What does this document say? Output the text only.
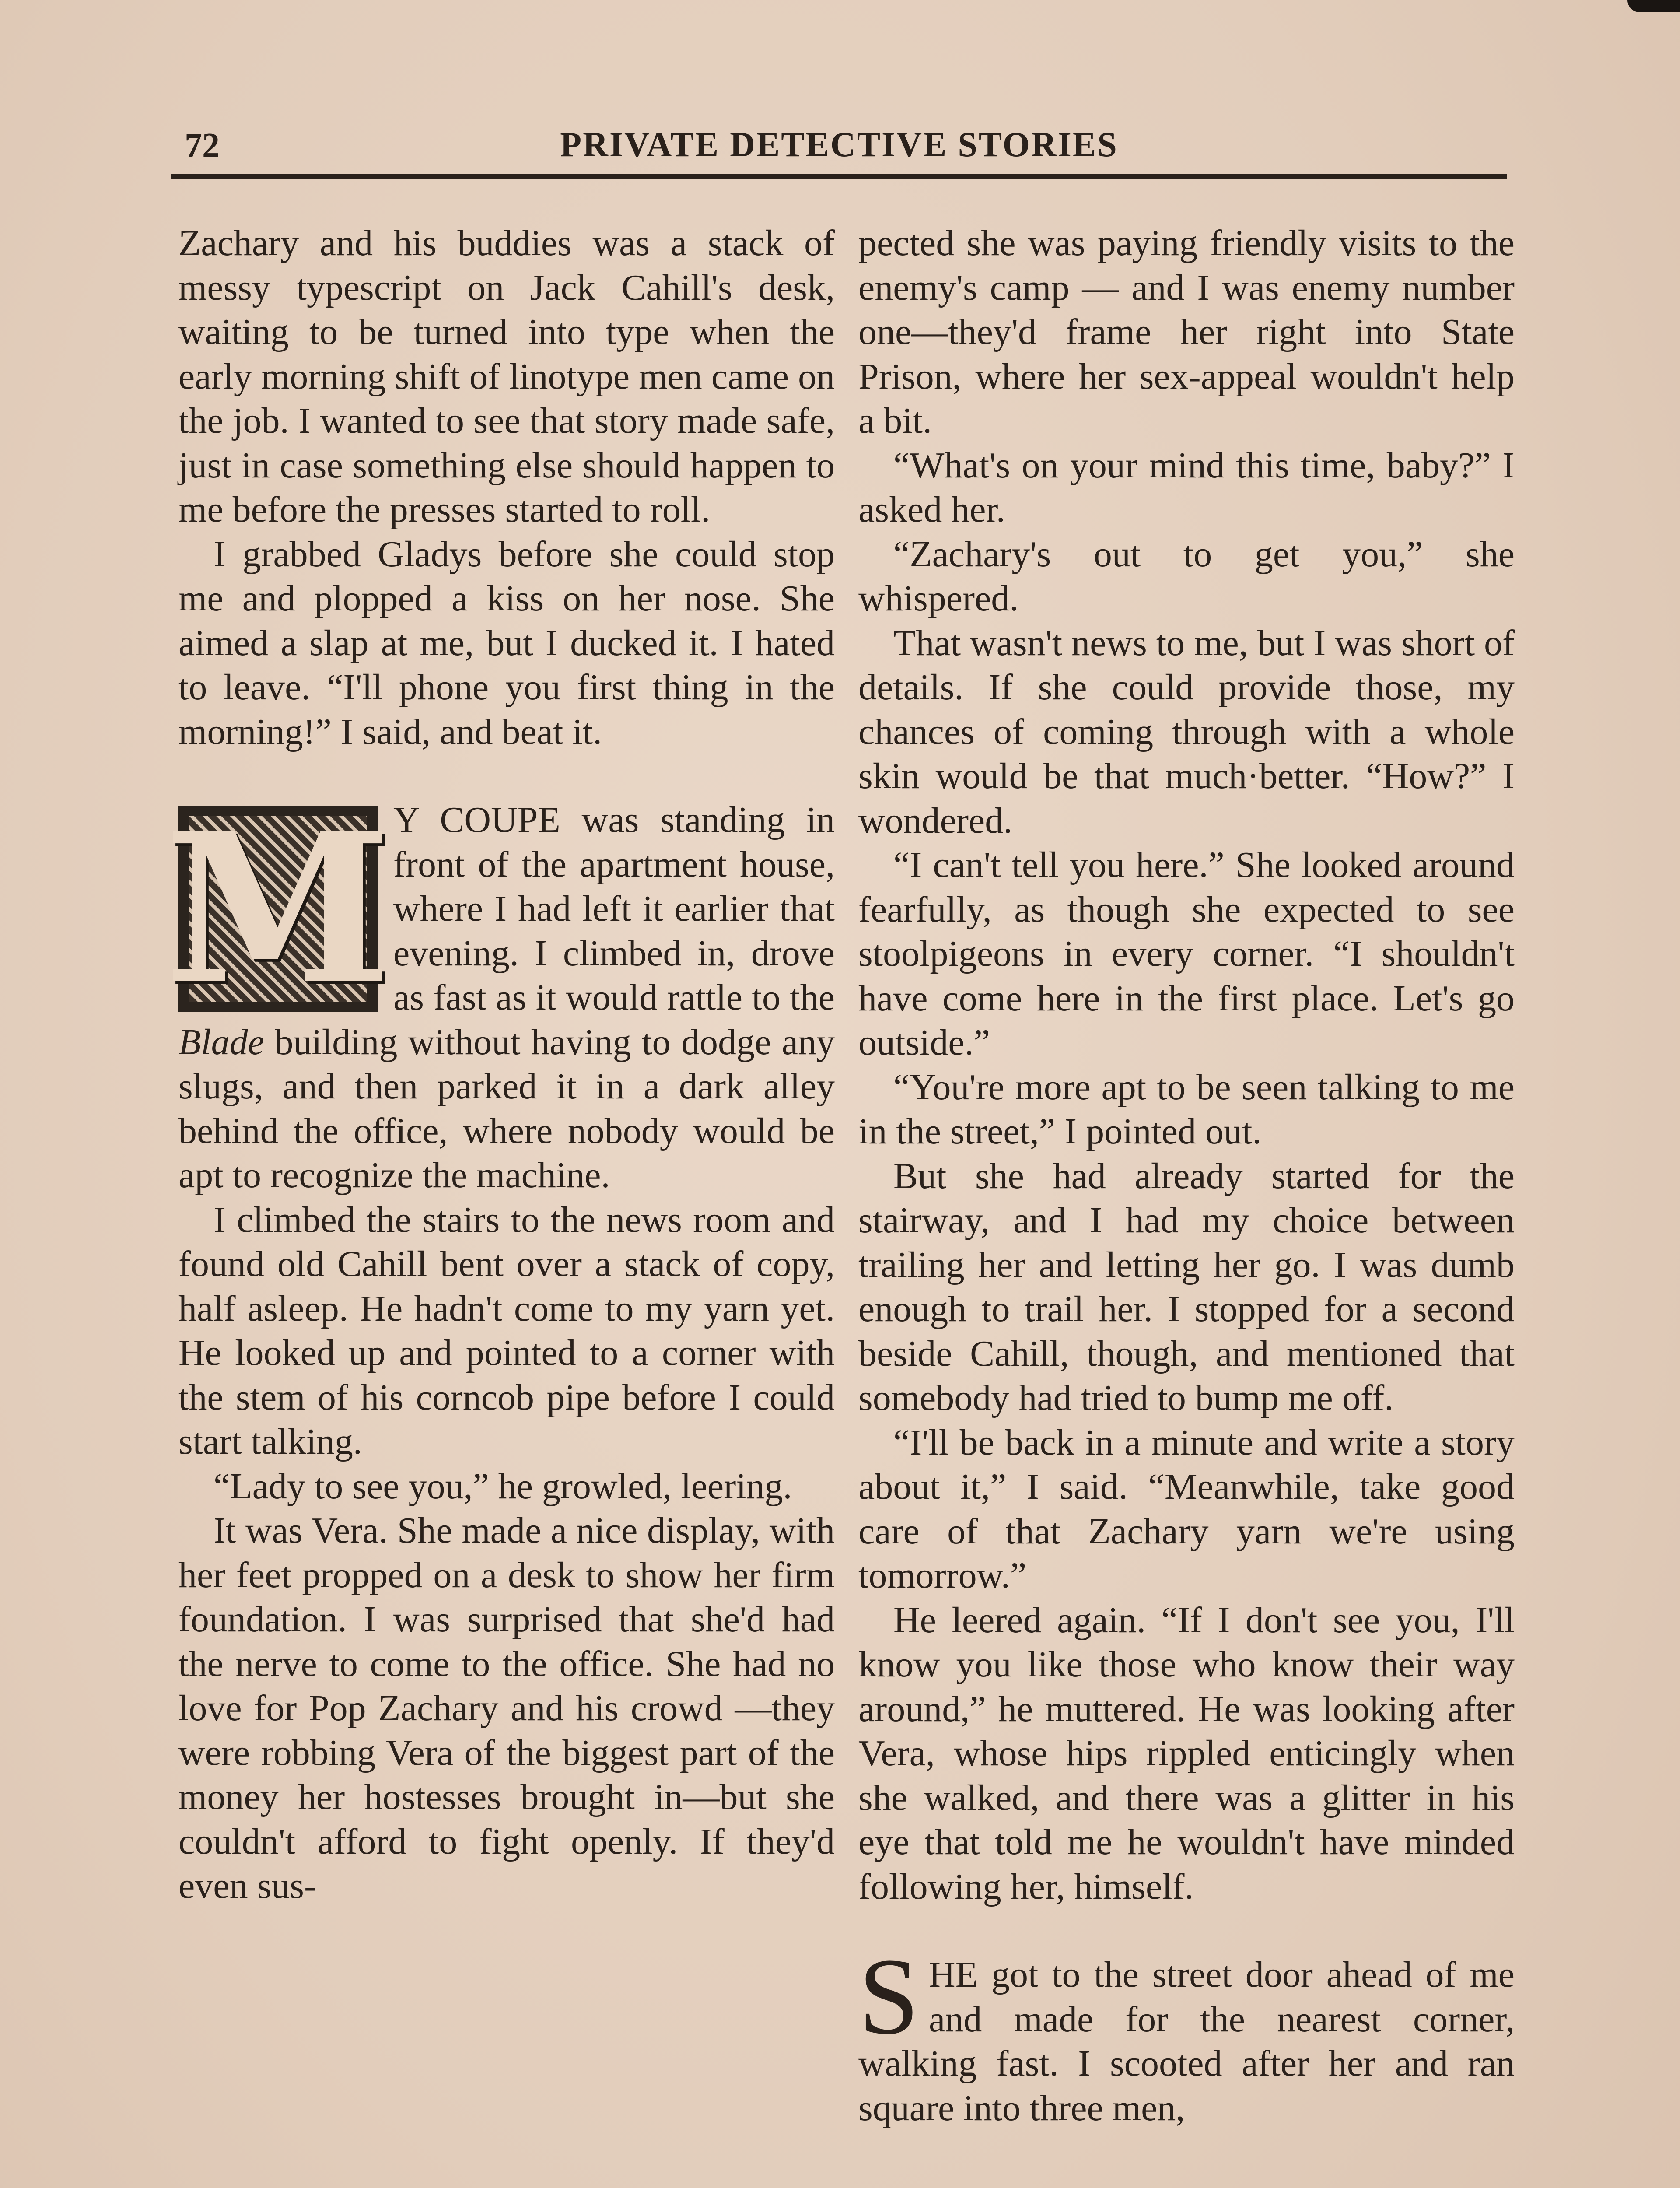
72	PRIVATE DETECTIVE STORIES

Zachary and his buddies was a stack of messy typescript on Jack Cahill's desk, waiting to be turned into type when the early morning shift of linotype men came on the job. I wanted to see that story made safe, just in case something else should happen to me before the presses started to roll.

I grabbed Gladys before she could stop me and plopped a kiss on her nose. She aimed a slap at me, but I ducked it. I hated to leave. “I'll phone you first thing in the morning!” I said, and beat it.

M Y COUPE was standing in front of the apartment house, where I had left it earlier that evening. I climbed in, drove as fast as it would rattle to the Blade building without having to dodge any slugs, and then parked it in a dark alley behind the office, where nobody would be apt to recognize the machine.

I climbed the stairs to the news room and found old Cahill bent over a stack of copy, half asleep. He hadn't come to my yarn yet. He looked up and pointed to a corner with the stem of his corncob pipe before I could start talking.

“Lady to see you,” he growled, leering.

It was Vera. She made a nice display, with her feet propped on a desk to show her firm foundation. I was surprised that she'd had the nerve to come to the office. She had no love for Pop Zachary and his crowd —they were robbing Vera of the biggest part of the money her hostesses brought in—but she couldn't afford to fight openly. If they'd even sus-

pected she was paying friendly visits to the enemy's camp — and I was enemy number one—they'd frame her right into State Prison, where her sex-appeal wouldn't help a bit.

“What's on your mind this time, baby?” I asked her.

“Zachary's out to get you,” she whispered.

That wasn't news to me, but I was short of details. If she could provide those, my chances of coming through with a whole skin would be that much·better. “How?” I wondered.

“I can't tell you here.” She looked around fearfully, as though she expected to see stoolpigeons in every corner. “I shouldn't have come here in the first place. Let's go outside.”

“You're more apt to be seen talking to me in the street,” I pointed out.

But she had already started for the stairway, and I had my choice between trailing her and letting her go. I was dumb enough to trail her. I stopped for a second beside Cahill, though, and mentioned that somebody had tried to bump me off.

“I'll be back in a minute and write a story about it,” I said. “Meanwhile, take good care of that Zachary yarn we're using tomorrow.”

He leered again. “If I don't see you, I'll know you like those who know their way around,” he muttered. He was looking after Vera, whose hips rippled enticingly when she walked, and there was a glitter in his eye that told me he wouldn't have minded following her, himself.

SHE got to the street door ahead of me and made for the nearest corner, walking fast. I scooted after her and ran square into three men,
